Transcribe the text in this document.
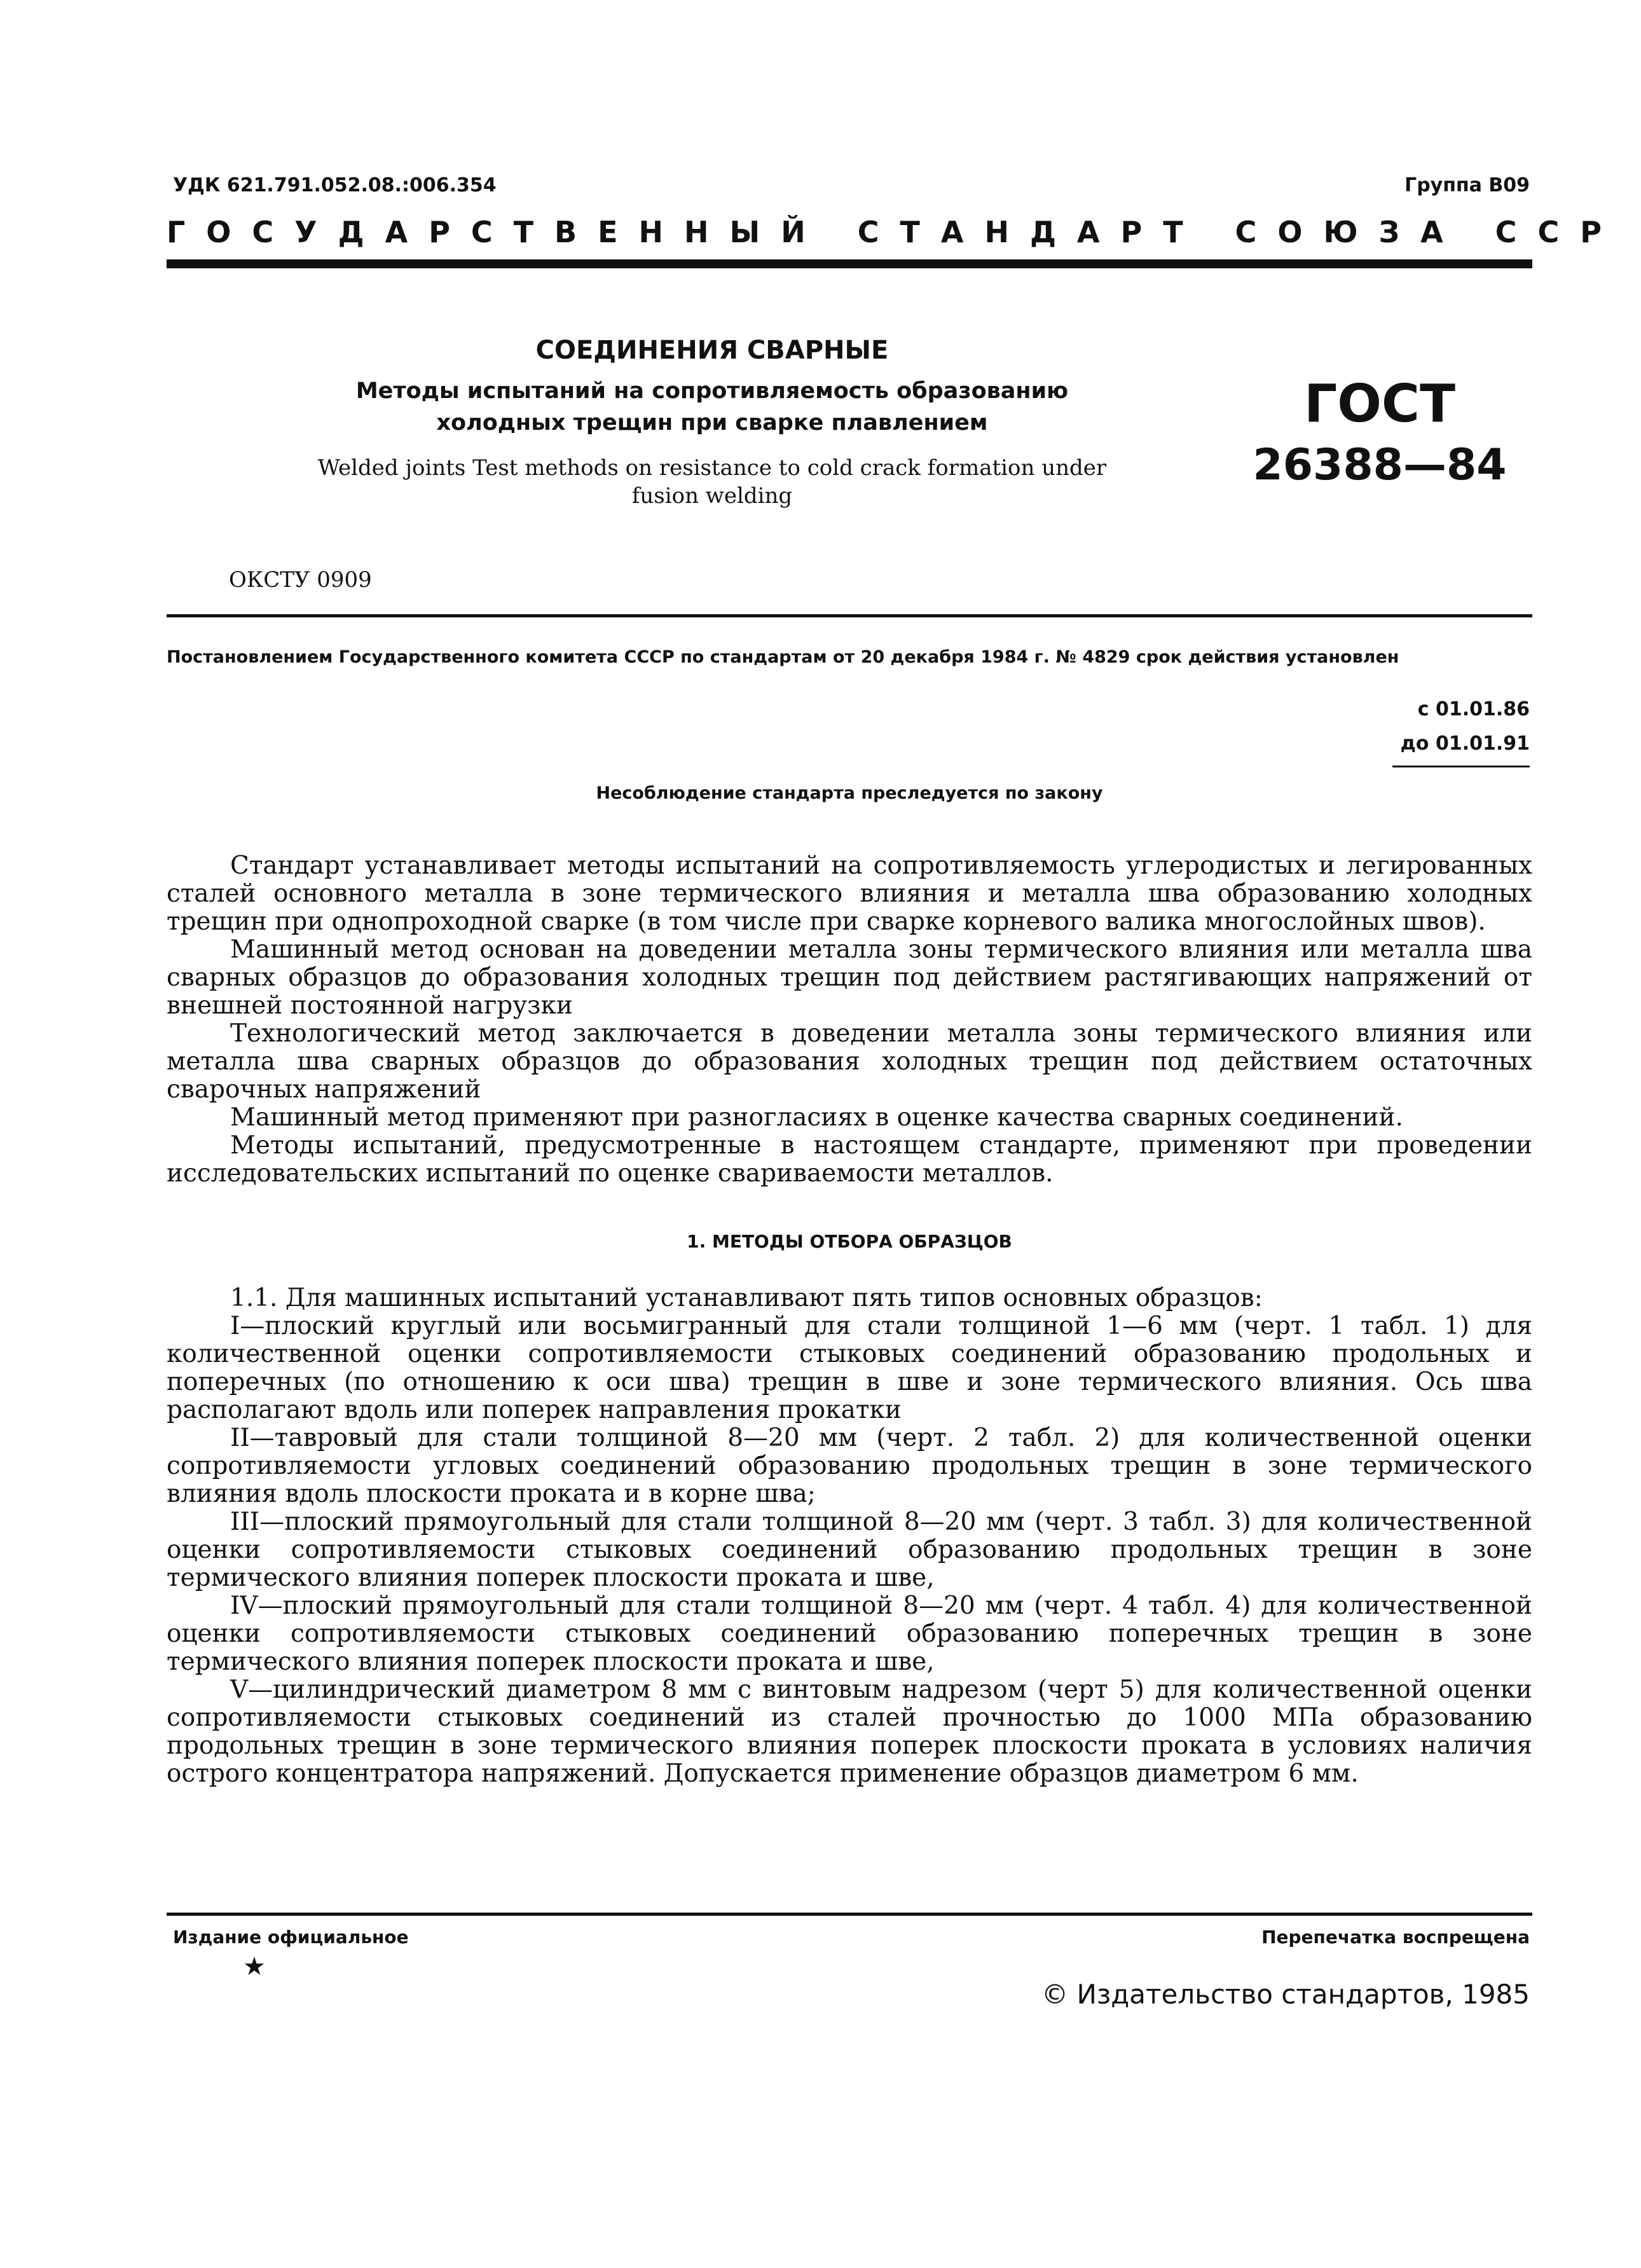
УДК 621.791.052.08.:006.354	Группа В09
ГОСУДАРСТВЕННЫЙ СТАНДАРТ СОЮЗА ССР
СОЕДИНЕНИЯ СВАРНЫЕ
Методы испытаний на сопротивляемость образованию холодных трещин при сварке плавлением
Welded joints Test methods on resistance to cold crack formation under fusion welding
ГОСТ
26388—84
ОКСТУ 0909
Постановлением Государственного комитета СССР по стандартам от 20 декабря 1984 г. № 4829 срок действия установлен
с 01.01.86
до 01.01.91
Несоблюдение стандарта преследуется по закону

Стандарт устанавливает методы испытаний на сопротивляемость углеродистых и легированных сталей основного металла в зоне термического влияния и металла шва образованию холодных трещин при однопроходной сварке (в том числе при сварке корневого валика многослойных швов).

Машинный метод основан на доведении металла зоны термического влияния или металла шва сварных образцов до образования холодных трещин под действием растягивающих напряжений от внешней постоянной нагрузки

Технологический метод заключается в доведении металла зоны термического влияния или металла шва сварных образцов до образования холодных трещин под действием остаточных сварочных напряжений

Машинный метод применяют при разногласиях в оценке качества сварных соединений.

Методы испытаний, предусмотренные в настоящем стандарте, применяют при проведении исследовательских испытаний по оценке свариваемости металлов.

1. МЕТОДЫ ОТБОРА ОБРАЗЦОВ

1.1. Для машинных испытаний устанавливают пять типов основных образцов:

I—плоский круглый или восьмигранный для стали толщиной 1—6 мм (черт. 1 табл. 1) для количественной оценки сопротивляемости стыковых соединений образованию продольных и поперечных (по отношению к оси шва) трещин в шве и зоне термического влияния. Ось шва располагают вдоль или поперек направления прокатки

II—тавровый для стали толщиной 8—20 мм (черт. 2 табл. 2) для количественной оценки сопротивляемости угловых соединений образованию продольных трещин в зоне термического влияния вдоль плоскости проката и в корне шва;

III—плоский прямоугольный для стали толщиной 8—20 мм (черт. 3 табл. 3) для количественной оценки сопротивляемости стыковых соединений образованию продольных трещин в зоне термического влияния поперек плоскости проката и шве,

IV—плоский прямоугольный для стали толщиной 8—20 мм (черт. 4 табл. 4) для количественной оценки сопротивляемости стыковых соединений образованию поперечных трещин в зоне термического влияния поперек плоскости проката и шве,

V—цилиндрический диаметром 8 мм с винтовым надрезом (черт 5) для количественной оценки сопротивляемости стыковых соединений из сталей прочностью до 1000 МПа образованию продольных трещин в зоне термического влияния поперек плоскости проката в условиях наличия острого концентратора напряжений. Допускается применение образцов диаметром 6 мм.

Издание официальное	Перепечатка воспрещена
★
© Издательство стандартов, 1985
